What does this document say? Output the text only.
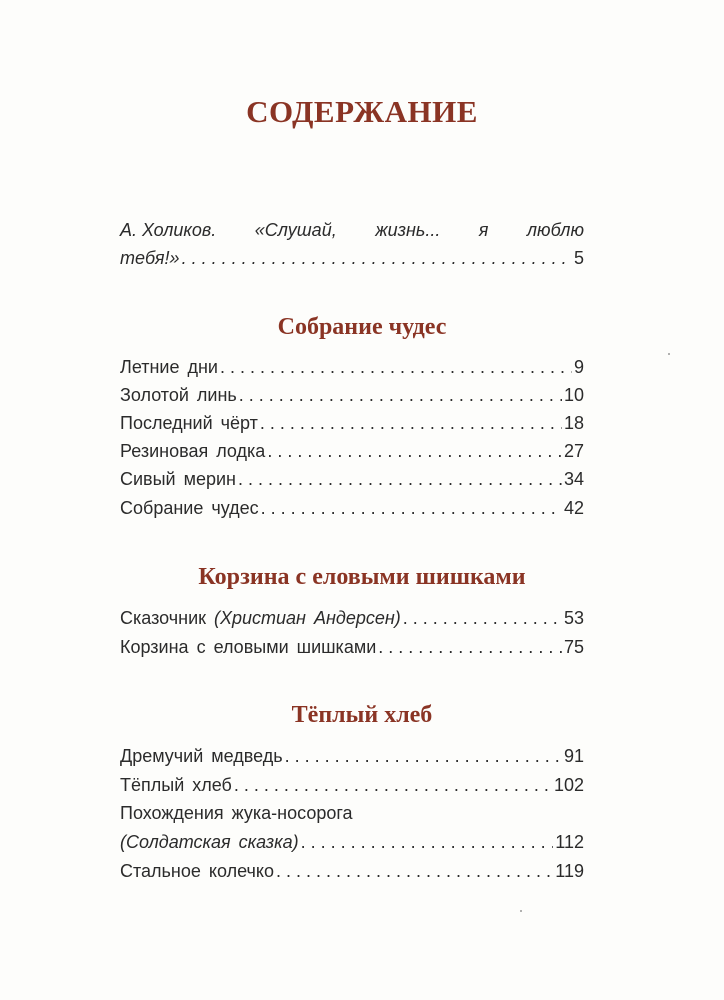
СОДЕРЖАНИЕ
А. Холиков. «Слушай, жизнь... я люблю
тебя!» . . .	5
Собрание чудес
Летние дни . . .	9
Золотой линь . . .	10
Последний чёрт . . .	18
Резиновая лодка . . .	27
Сивый мерин . . .	34
Собрание чудес . . .	42
Корзина с еловыми шишками
Сказочник (Христиан Андерсен) . . .	53
Корзина с еловыми шишками . . .	75
Тёплый хлеб
Дремучий медведь . . .	91
Тёплый хлеб . . .	102
Похождения жука-носорога
(Солдатская сказка) . . .	112
Стальное колечко . . .	119
